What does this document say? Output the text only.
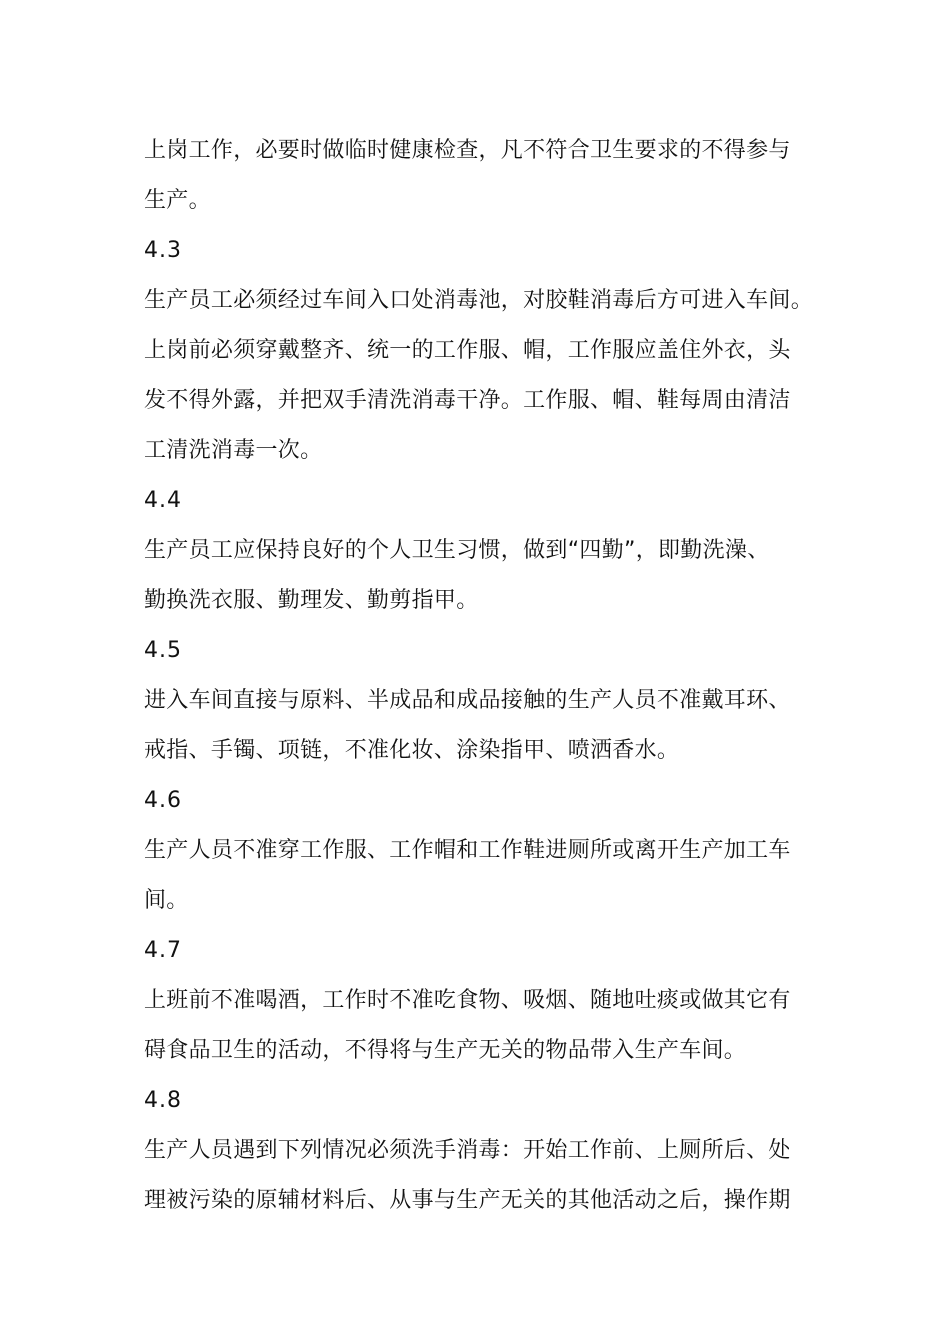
上岗工作，必要时做临时健康检查，凡不符合卫生要求的不得参与
生产。
4.3
生产员工必须经过车间入口处消毒池，对胶鞋消毒后方可进入车间。
上岗前必须穿戴整齐、统一的工作服、帽，工作服应盖住外衣，头
发不得外露，并把双手清洗消毒干净。工作服、帽、鞋每周由清洁
工清洗消毒一次。
4.4
生产员工应保持良好的个人卫生习惯，做到“四勤”，即勤洗澡、
勤换洗衣服、勤理发、勤剪指甲。
4.5
进入车间直接与原料、半成品和成品接触的生产人员不准戴耳环、
戒指、手镯、项链，不准化妆、涂染指甲、喷洒香水。
4.6
生产人员不准穿工作服、工作帽和工作鞋进厕所或离开生产加工车
间。
4.7
上班前不准喝酒，工作时不准吃食物、吸烟、随地吐痰或做其它有
碍食品卫生的活动，不得将与生产无关的物品带入生产车间。
4.8
生产人员遇到下列情况必须洗手消毒：开始工作前、上厕所后、处
理被污染的原辅材料后、从事与生产无关的其他活动之后，操作期
